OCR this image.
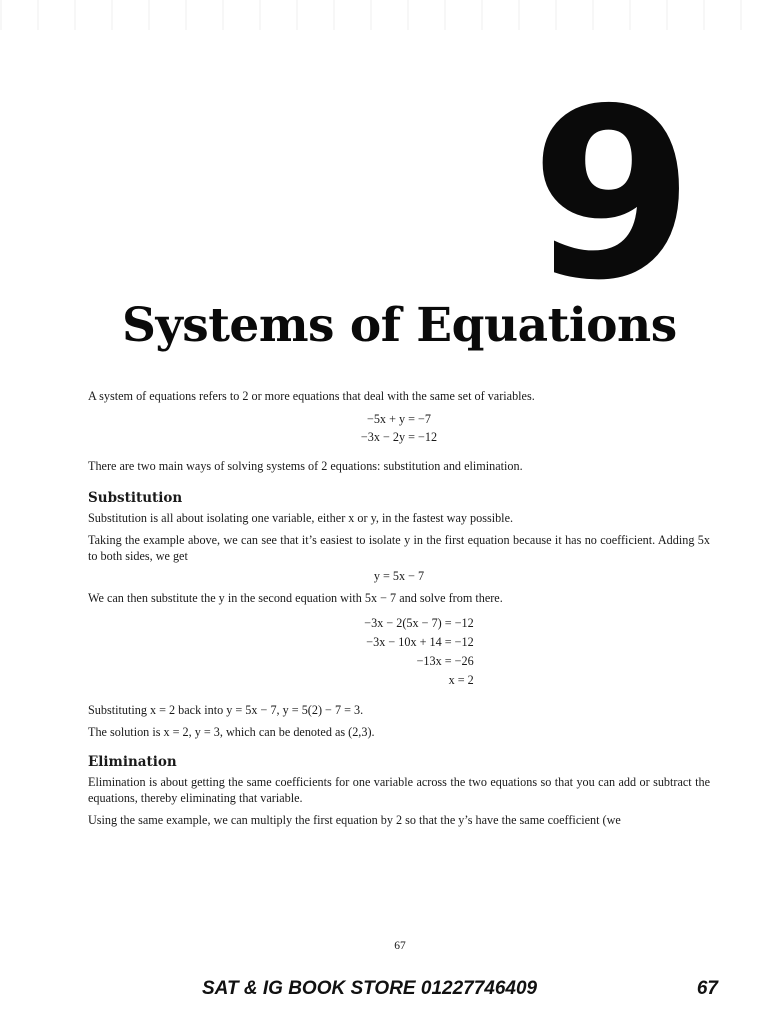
9
Systems of Equations

A system of equations refers to 2 or more equations that deal with the same set of variables.

−5x + y = −7
−3x − 2y = −12

There are two main ways of solving systems of 2 equations: substitution and elimination.

Substitution

Substitution is all about isolating one variable, either x or y, in the fastest way possible.

Taking the example above, we can see that it’s easiest to isolate y in the first equation because it has no coefficient. Adding 5x to both sides, we get

y = 5x − 7

We can then substitute the y in the second equation with 5x − 7 and solve from there.

−3x − 2(5x − 7) = −12
−3x − 10x + 14 = −12
−13x = −26
x = 2

Substituting x = 2 back into y = 5x − 7, y = 5(2) − 7 = 3.

The solution is x = 2, y = 3, which can be denoted as (2,3).

Elimination

Elimination is about getting the same coefficients for one variable across the two equations so that you can add or subtract the equations, thereby eliminating that variable.

Using the same example, we can multiply the first equation by 2 so that the y’s have the same coefficient (we

67
SAT & IG BOOK STORE 01227746409	67
